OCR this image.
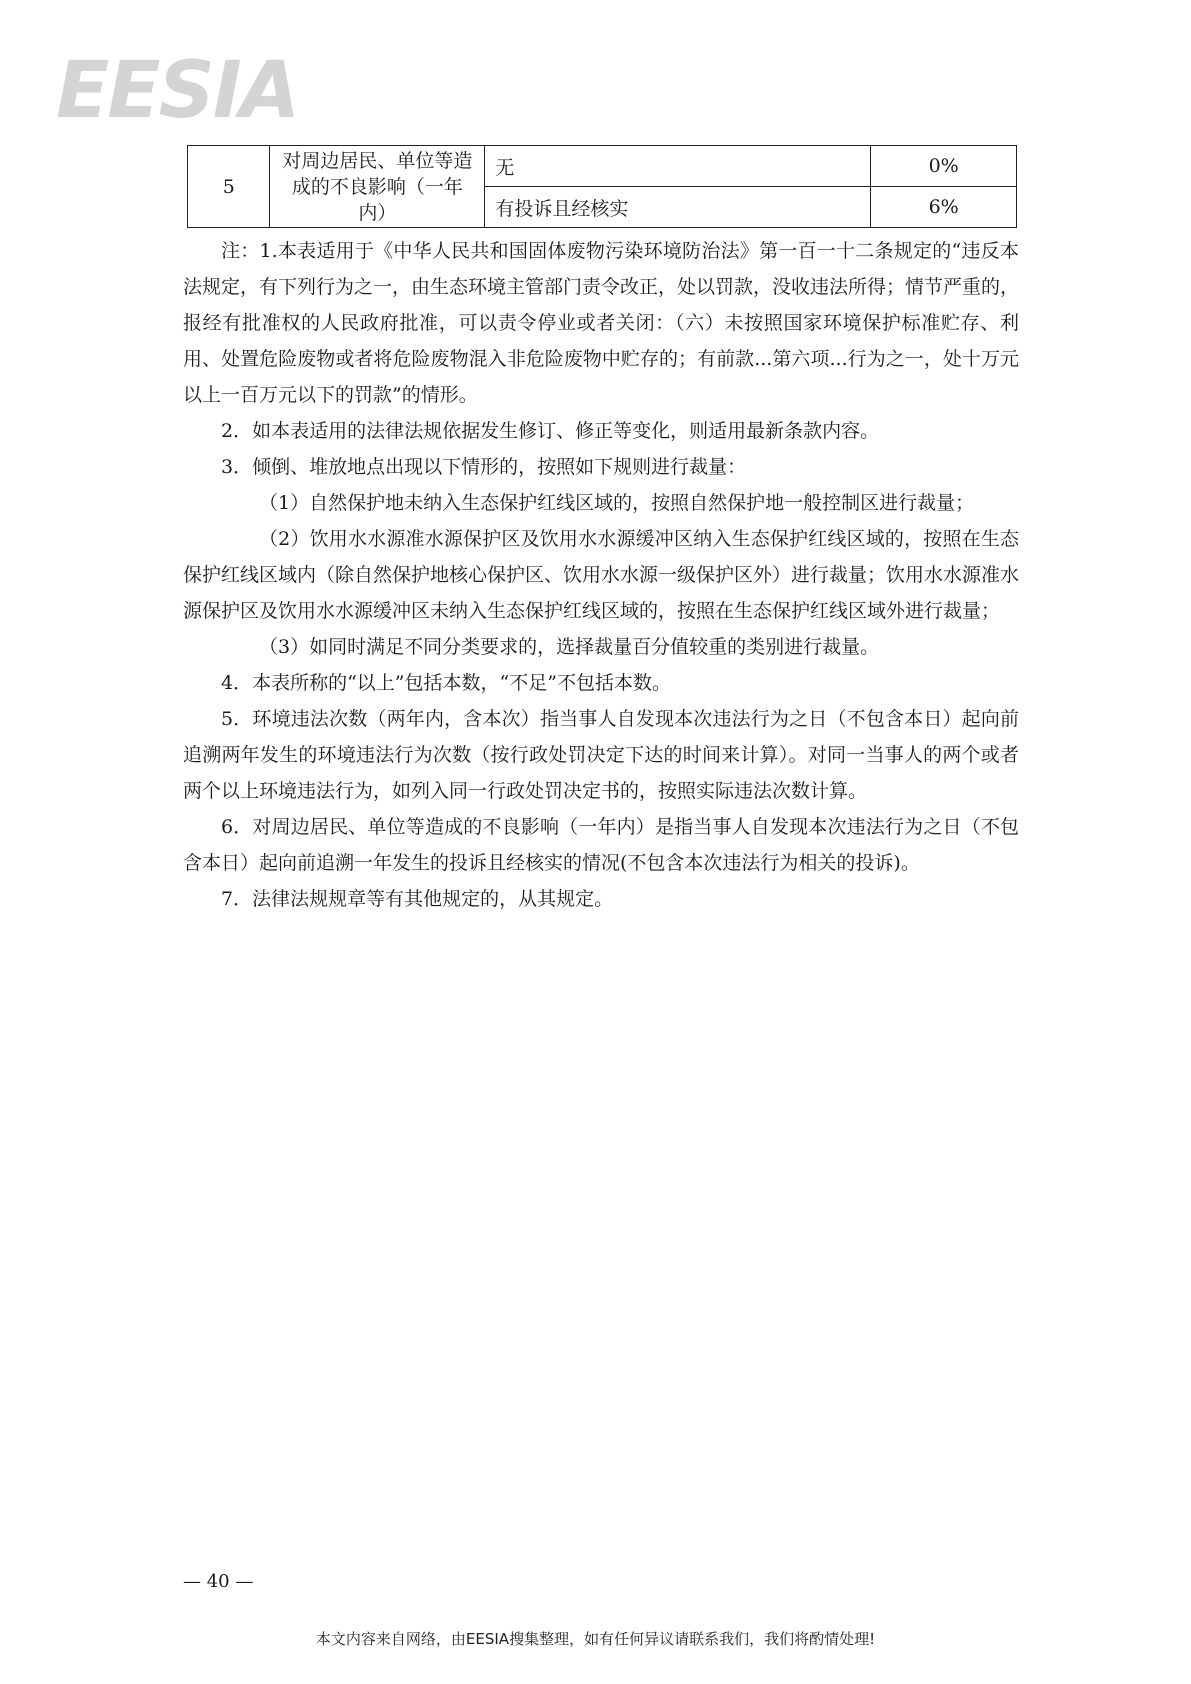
EESIA
5	对周边居民、单位等造成的不良影响（一年内）	无	0%
		有投诉且经核实	6%

注：1.本表适用于《中华人民共和国固体废物污染环境防治法》第一百一十二条规定的“违反本法规定，有下列行为之一，由生态环境主管部门责令改正，处以罚款，没收违法所得；情节严重的，报经有批准权的人民政府批准，可以责令停业或者关闭：（六）未按照国家环境保护标准贮存、利用、处置危险废物或者将危险废物混入非危险废物中贮存的；有前款...第六项...行为之一，处十万元以上一百万元以下的罚款”的情形。

2．如本表适用的法律法规依据发生修订、修正等变化，则适用最新条款内容。

3．倾倒、堆放地点出现以下情形的，按照如下规则进行裁量：

（1）自然保护地未纳入生态保护红线区域的，按照自然保护地一般控制区进行裁量；

（2）饮用水水源准水源保护区及饮用水水源缓冲区纳入生态保护红线区域的，按照在生态保护红线区域内（除自然保护地核心保护区、饮用水水源一级保护区外）进行裁量；饮用水水源准水源保护区及饮用水水源缓冲区未纳入生态保护红线区域的，按照在生态保护红线区域外进行裁量；

（3）如同时满足不同分类要求的，选择裁量百分值较重的类别进行裁量。

4．本表所称的“以上”包括本数，“不足”不包括本数。

5．环境违法次数（两年内，含本次）指当事人自发现本次违法行为之日（不包含本日）起向前追溯两年发生的环境违法行为次数（按行政处罚决定下达的时间来计算）。对同一当事人的两个或者两个以上环境违法行为，如列入同一行政处罚决定书的，按照实际违法次数计算。

6．对周边居民、单位等造成的不良影响（一年内）是指当事人自发现本次违法行为之日（不包含本日）起向前追溯一年发生的投诉且经核实的情况(不包含本次违法行为相关的投诉)。

7．法律法规规章等有其他规定的，从其规定。

— 40 —
本文内容来自网络，由EESIA搜集整理，如有任何异议请联系我们，我们将酌情处理!
